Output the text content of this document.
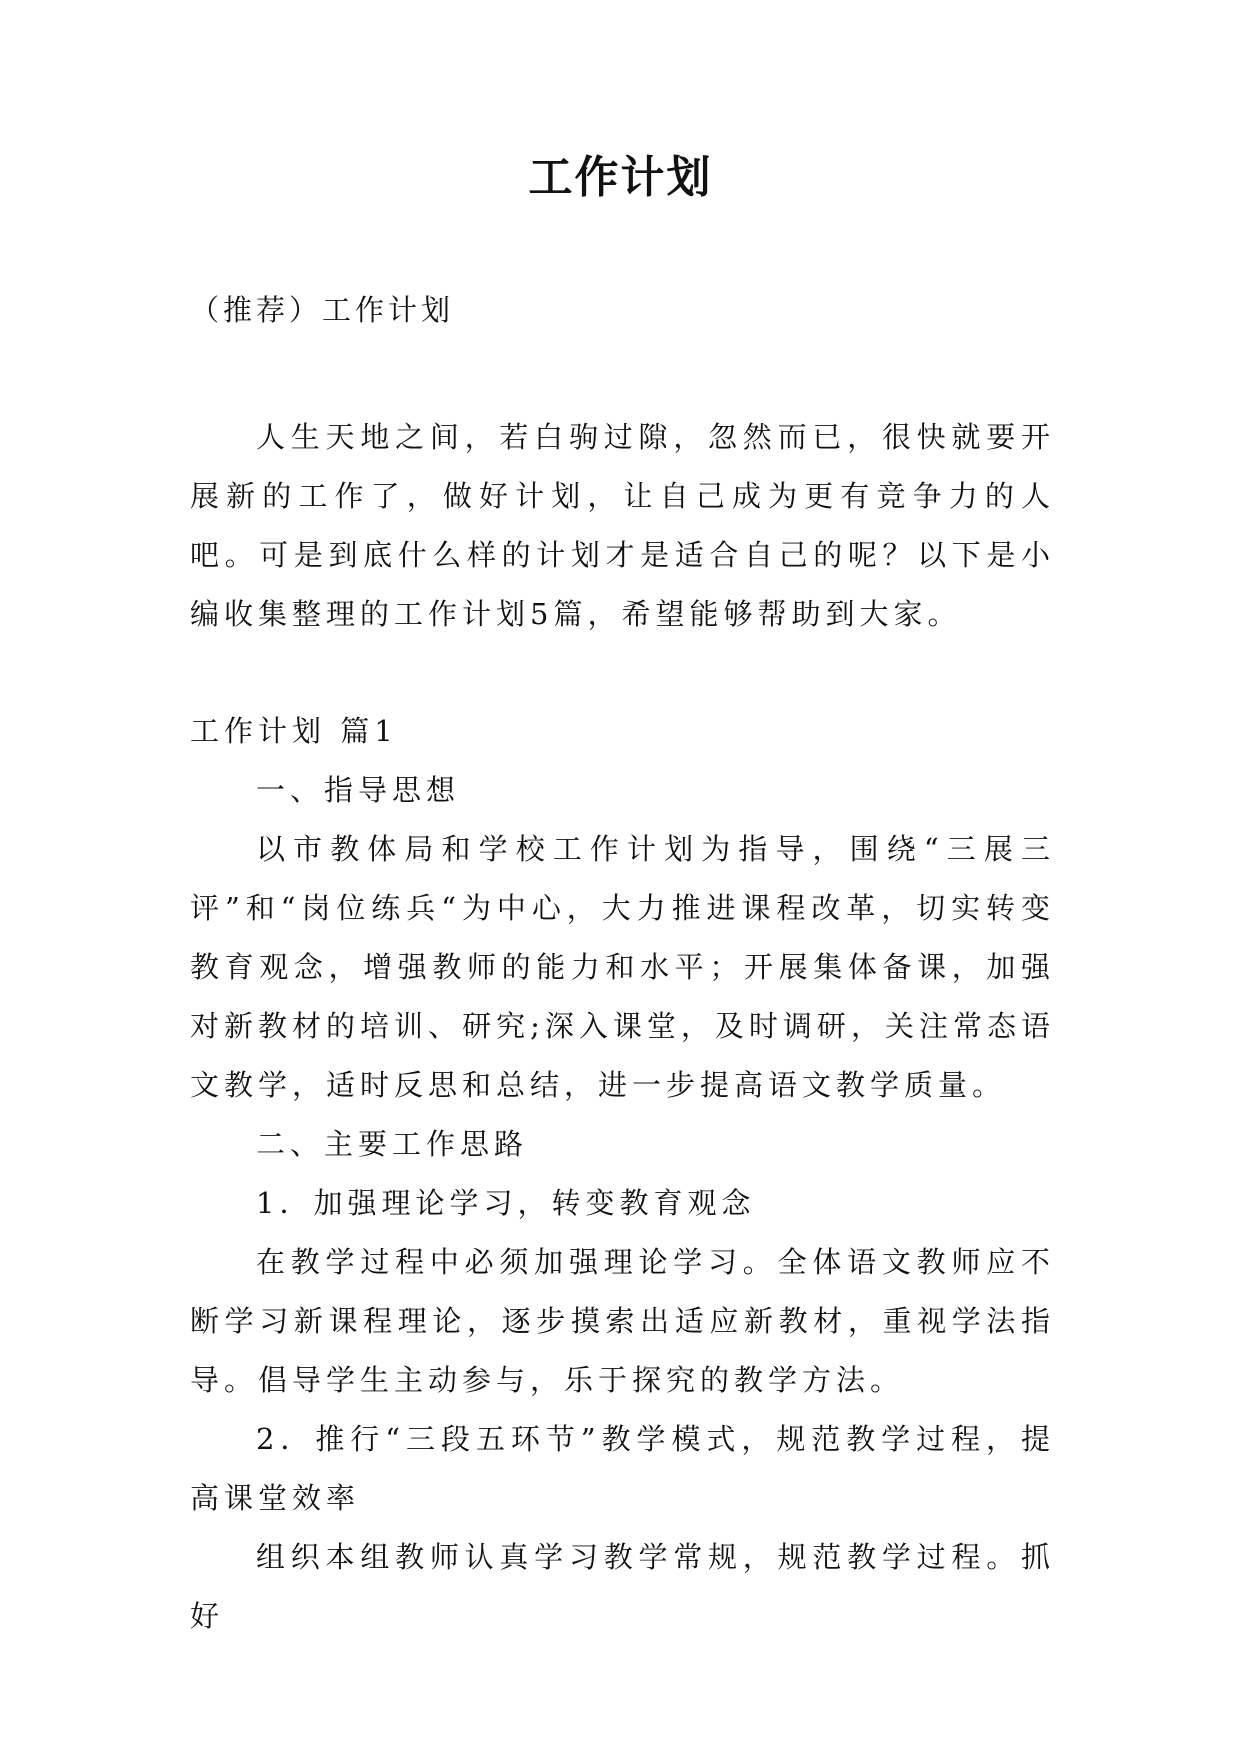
工作计划
（推荐）工作计划

人生天地之间，若白驹过隙，忽然而已，很快就要开展新的工作了，做好计划，让自己成为更有竞争力的人吧。可是到底什么样的计划才是适合自己的呢？以下是小编收集整理的工作计划5篇，希望能够帮助到大家。

工作计划 篇1

一、指导思想

以市教体局和学校工作计划为指导，围绕“三展三评”和“岗位练兵“为中心，大力推进课程改革，切实转变教育观念，增强教师的能力和水平；开展集体备课，加强对新教材的培训、研究;深入课堂，及时调研，关注常态语文教学，适时反思和总结，进一步提高语文教学质量。

二、主要工作思路

1．加强理论学习，转变教育观念

在教学过程中必须加强理论学习。全体语文教师应不断学习新课程理论，逐步摸索出适应新教材，重视学法指导。倡导学生主动参与，乐于探究的教学方法。

2．推行“三段五环节”教学模式，规范教学过程，提高课堂效率

组织本组教师认真学习教学常规，规范教学过程。抓好
